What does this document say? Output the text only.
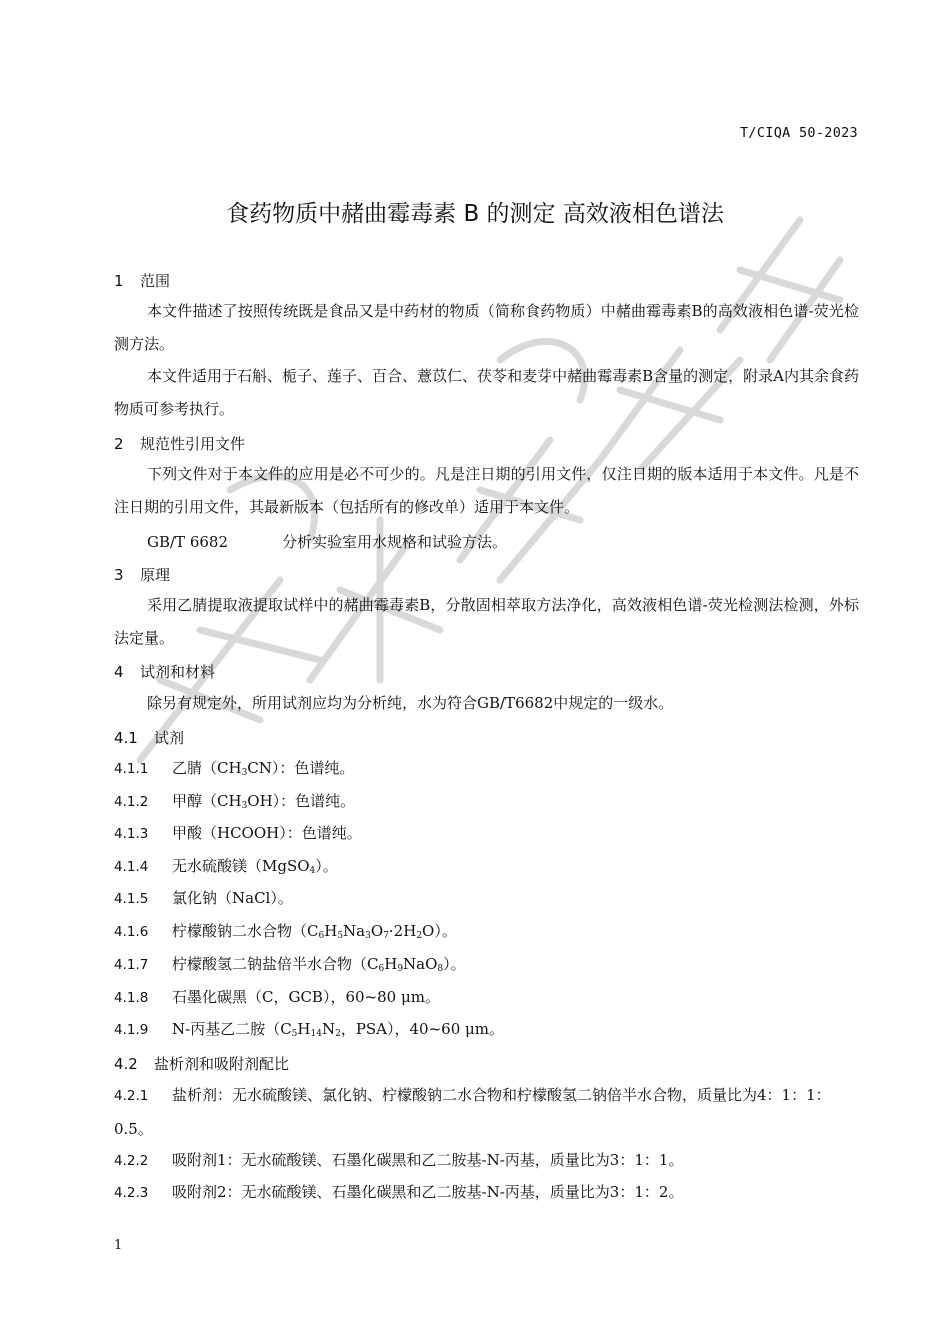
T/CIQA 50-2023
食药物质中赭曲霉毒素 B 的测定 高效液相色谱法
1 范围
本文件描述了按照传统既是食品又是中药材的物质（简称食药物质）中赭曲霉毒素B的高效液相色谱-荧光检测方法。
本文件适用于石斛、栀子、莲子、百合、薏苡仁、茯苓和麦芽中赭曲霉毒素B含量的测定，附录A内其余食药物质可参考执行。
2 规范性引用文件
下列文件对于本文件的应用是必不可少的。凡是注日期的引用文件，仅注日期的版本适用于本文件。凡是不注日期的引用文件，其最新版本（包括所有的修改单）适用于本文件。
GB/T 6682	分析实验室用水规格和试验方法。
3 原理
采用乙腈提取液提取试样中的赭曲霉毒素B，分散固相萃取方法净化，高效液相色谱-荧光检测法检测，外标法定量。
4 试剂和材料
除另有规定外，所用试剂应均为分析纯，水为符合GB/T6682中规定的一级水。
4.1 试剂
4.1.1 乙腈$(CH_3CN)$：色谱纯。
4.1.2 甲醇$(CH_3OH)$：色谱纯。
4.1.3 甲酸（HCOOH）：色谱纯。
4.1.4 无水硫酸镁（MgSO$_4$）。
4.1.5 氯化钠（NaCl）。
4.1.6 柠檬酸钠二水合物$(C_6H_5Na_3O_7\cdot 2H_2O)$。
4.1.7 柠檬酸氢二钠盐倍半水合物$(C_6H_9NaO_8)$。
4.1.8 石墨化碳黑（C，GCB），60~80 μm。
4.1.9 N-丙基乙二胺（$C_5H_{14}N_2$，PSA），40~60 μm。
4.2 盐析剂和吸附剂配比
4.2.1 盐析剂：无水硫酸镁、氯化钠、柠檬酸钠二水合物和柠檬酸氢二钠倍半水合物，质量比为4：1：1：0.5。
4.2.2 吸附剂1：无水硫酸镁、石墨化碳黑和乙二胺基-N-丙基，质量比为3：1：1。
4.2.3 吸附剂2：无水硫酸镁、石墨化碳黑和乙二胺基-N-丙基，质量比为3：1：2。
1
